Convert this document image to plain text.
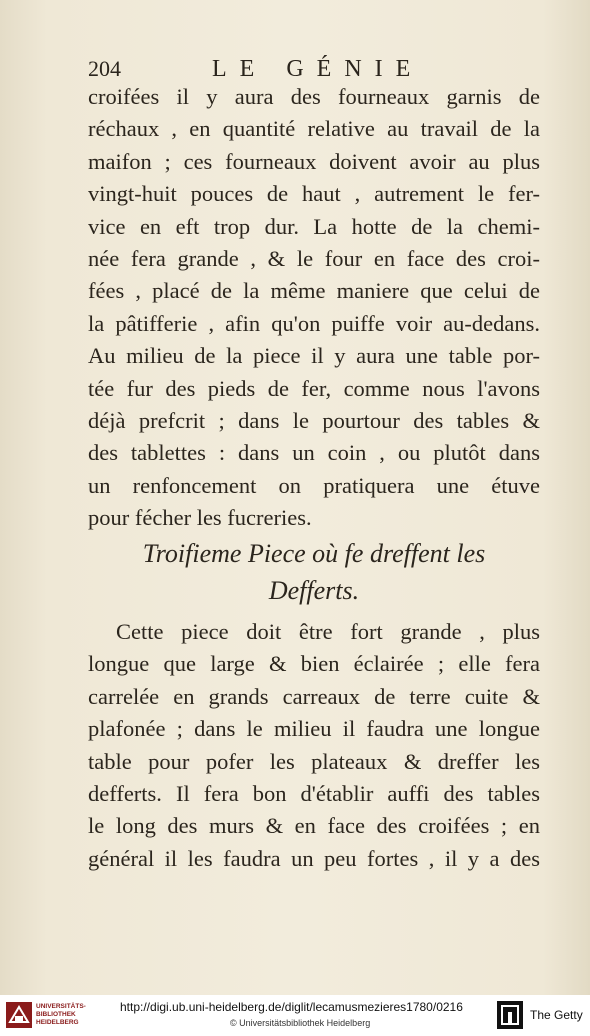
204	LE GÉNIE
croifées il y aura des fourneaux garnis de
réchaux , en quantité relative au travail de la
maifon ; ces fourneaux doivent avoir au plus
vingt-huit pouces de haut , autrement le fer-
vice en eft trop dur. La hotte de la chemi-
née fera grande , & le four en face des croi-
fées , placé de la même maniere que celui de
la pâtifferie , afin qu'on puiffe voir au-dedans.
Au milieu de la piece il y aura une table por-
tée fur des pieds de fer, comme nous l'avons
déjà prefcrit ; dans le pourtour des tables &
des tablettes : dans un coin , ou plutôt dans
un renfoncement on pratiquera une étuve
pour fécher les fucreries.
Troifieme Piece où fe dreffent les
Defferts.
Cette piece doit être fort grande , plus
longue que large & bien éclairée ; elle fera
carrelée en grands carreaux de terre cuite &
plafonée ; dans le milieu il faudra une longue
table pour pofer les plateaux & dreffer les
defferts. Il fera bon d'établir auffi des tables
le long des murs & en face des croifées ; en
général il les faudra un peu fortes , il y a des
UNIVERSITÄTS-
BIBLIOTHEK
HEIDELBERG
http://digi.ub.uni-heidelberg.de/diglit/lecamusmezieres1780/0216
© Universitätsbibliothek Heidelberg
The Getty
